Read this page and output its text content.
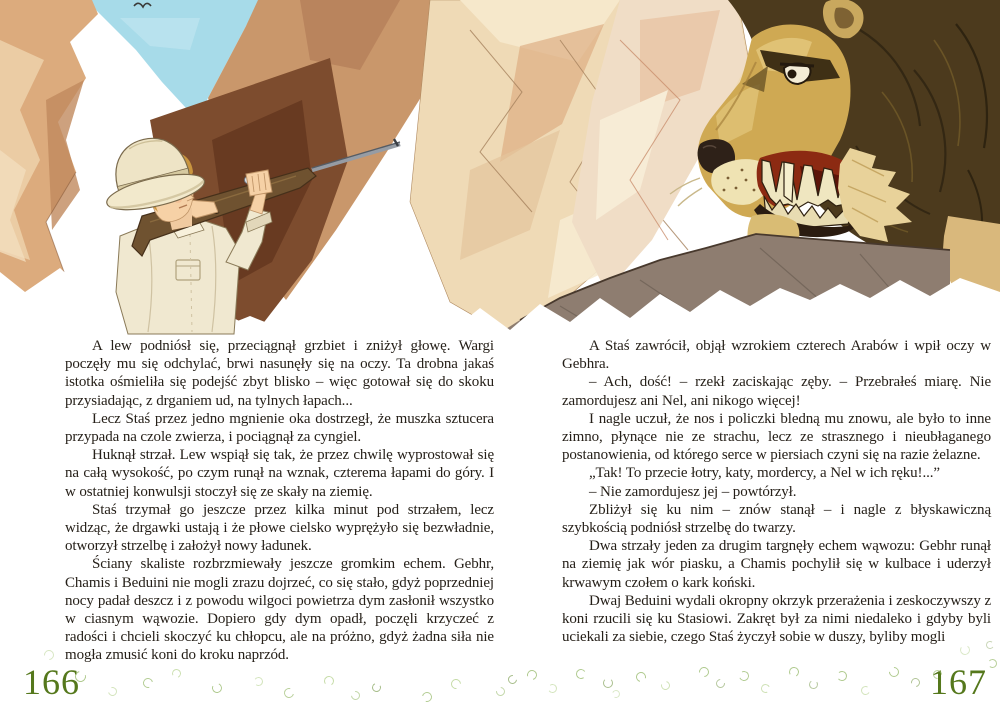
A lew podniósł się, przeciągnął grzbiet i zniżył głowę. Wargi poczęły mu się odchylać, brwi nasunęły się na oczy. Ta drobna jakaś istotka ośmieliła się podejść zbyt blisko – więc gotował się do skoku przysiadając, z drganiem ud, na tylnych łapach...

Lecz Staś przez jedno mgnienie oka dostrzegł, że muszka sztucera przypada na czole zwierza, i pociągnął za cyngiel.

Huknął strzał. Lew wspiął się tak, że przez chwilę wyprostował się na całą wysokość, po czym runął na wznak, czterema łapami do góry. I w ostatniej konwulsji stoczył się ze skały na ziemię.

Staś trzymał go jeszcze przez kilka minut pod strzałem, lecz widząc, że drgawki ustają i że płowe cielsko wyprężyło się bezwładnie, otworzył strzelbę i założył nowy ładunek.

Ściany skaliste rozbrzmiewały jeszcze gromkim echem. Gebhr, Chamis i Beduini nie mogli zrazu dojrzeć, co się stało, gdyż poprzedniej nocy padał deszcz i z powodu wilgoci powietrza dym zasłonił wszystko w ciasnym wąwozie. Dopiero gdy dym opadł, poczęli krzyczeć z radości i chcieli skoczyć ku chłopcu, ale na próżno, gdyż żadna siła nie mogła zmusić koni do kroku naprzód.

A Staś zawrócił, objął wzrokiem czterech Arabów i wpił oczy w Gebhra.

– Ach, dość! – rzekł zaciskając zęby. – Przebrałeś miarę. Nie zamordujesz ani Nel, ani nikogo więcej!

I nagle uczuł, że nos i policzki bledną mu znowu, ale było to inne zimno, płynące nie ze strachu, lecz ze strasznego i nieubłaganego postanowienia, od którego serce w piersiach czyni się na razie żelazne.

„Tak! To przecie łotry, katy, mordercy, a Nel w ich ręku!...”

– Nie zamordujesz jej – powtórzył.

Zbliżył się ku nim – znów stanął – i nagle z błyskawiczną szybkością podniósł strzelbę do twarzy.

Dwa strzały jeden za drugim targnęły echem wąwozu: Gebhr runął na ziemię jak wór piasku, a Chamis pochylił się w kulbace i uderzył krwawym czołem o kark koński.

Dwaj Beduini wydali okropny okrzyk przerażenia i zeskoczywszy z koni rzucili się ku Stasiowi. Zakręt był za nimi niedaleko i gdyby byli uciekali za siebie, czego Staś życzył sobie w duszy, byliby mogli

166	167
